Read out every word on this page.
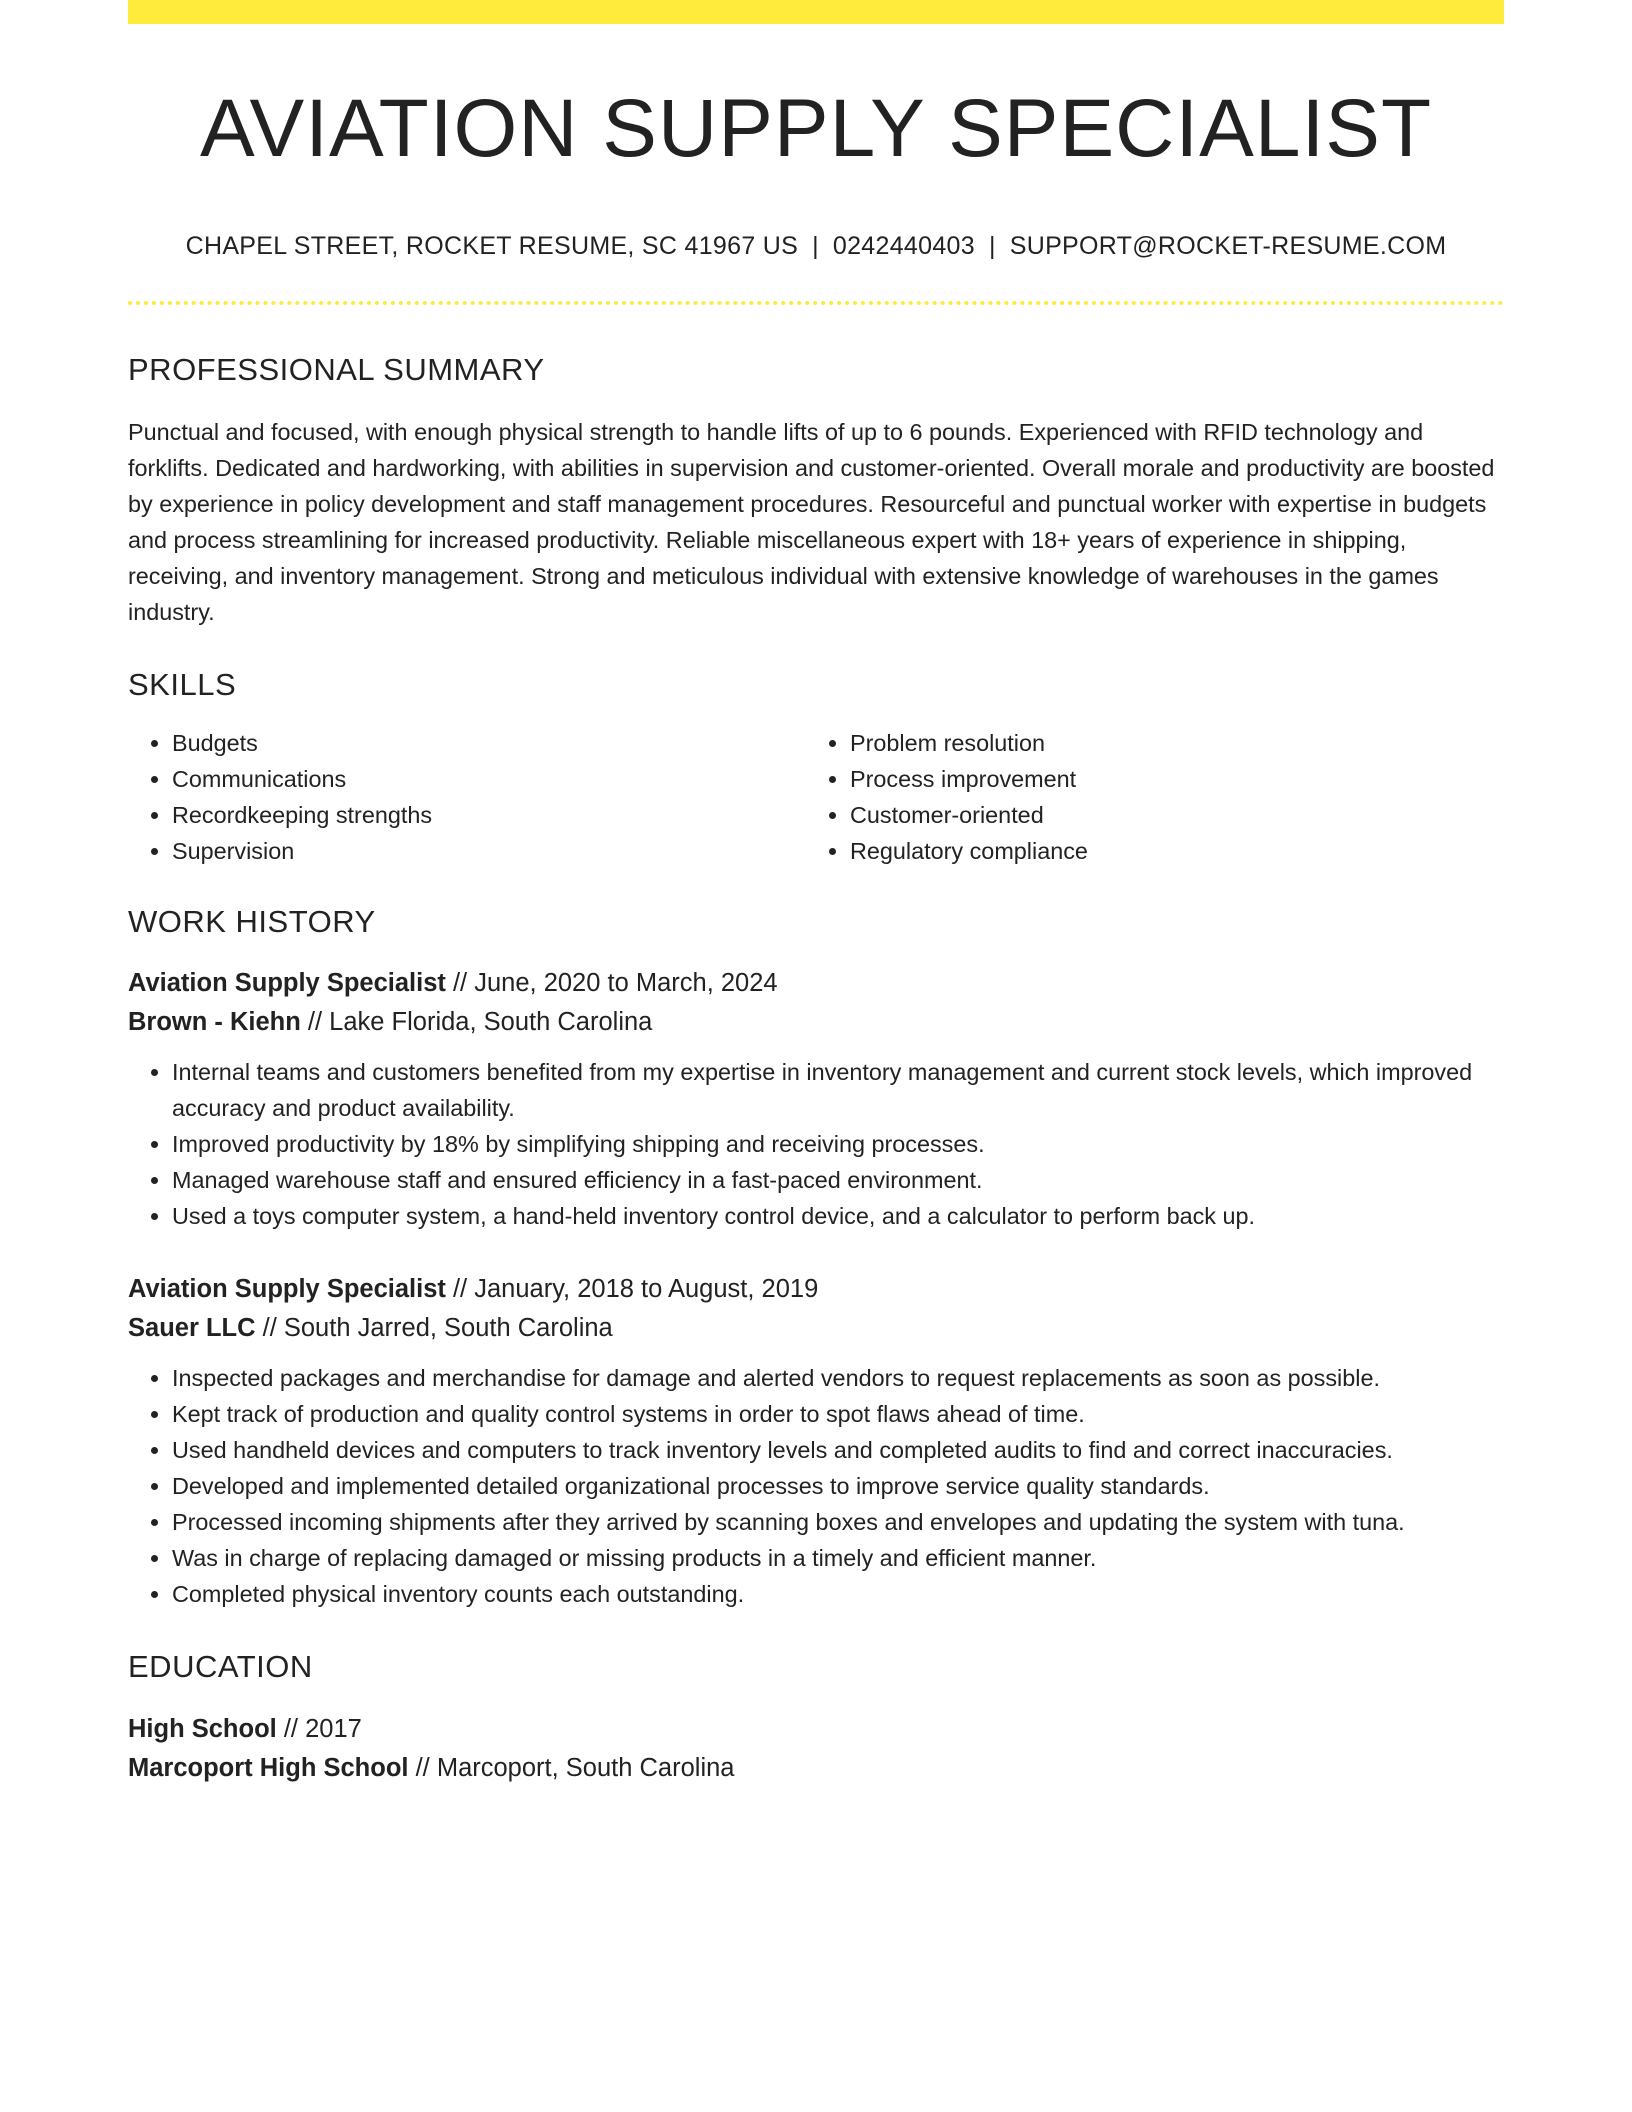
AVIATION SUPPLY SPECIALIST
CHAPEL STREET, ROCKET RESUME, SC 41967 US | 0242440403 | SUPPORT@ROCKET-RESUME.COM
PROFESSIONAL SUMMARY

Punctual and focused, with enough physical strength to handle lifts of up to 6 pounds. Experienced with RFID technology and forklifts. Dedicated and hardworking, with abilities in supervision and customer-oriented. Overall morale and productivity are boosted by experience in policy development and staff management procedures. Resourceful and punctual worker with expertise in budgets and process streamlining for increased productivity. Reliable miscellaneous expert with 18+ years of experience in shipping, receiving, and inventory management. Strong and meticulous individual with extensive knowledge of warehouses in the games industry.

SKILLS
• Budgets
• Communications
• Recordkeeping strengths
• Supervision
• Problem resolution
• Process improvement
• Customer-oriented
• Regulatory compliance
WORK HISTORY
Aviation Supply Specialist // June, 2020 to March, 2024
Brown - Kiehn // Lake Florida, South Carolina
• Internal teams and customers benefited from my expertise in inventory management and current stock levels, which improved accuracy and product availability.
• Improved productivity by 18% by simplifying shipping and receiving processes.
• Managed warehouse staff and ensured efficiency in a fast-paced environment.
• Used a toys computer system, a hand-held inventory control device, and a calculator to perform back up.
Aviation Supply Specialist // January, 2018 to August, 2019
Sauer LLC // South Jarred, South Carolina
• Inspected packages and merchandise for damage and alerted vendors to request replacements as soon as possible.
• Kept track of production and quality control systems in order to spot flaws ahead of time.
• Used handheld devices and computers to track inventory levels and completed audits to find and correct inaccuracies.
• Developed and implemented detailed organizational processes to improve service quality standards.
• Processed incoming shipments after they arrived by scanning boxes and envelopes and updating the system with tuna.
• Was in charge of replacing damaged or missing products in a timely and efficient manner.
• Completed physical inventory counts each outstanding.
EDUCATION
High School // 2017
Marcoport High School // Marcoport, South Carolina
